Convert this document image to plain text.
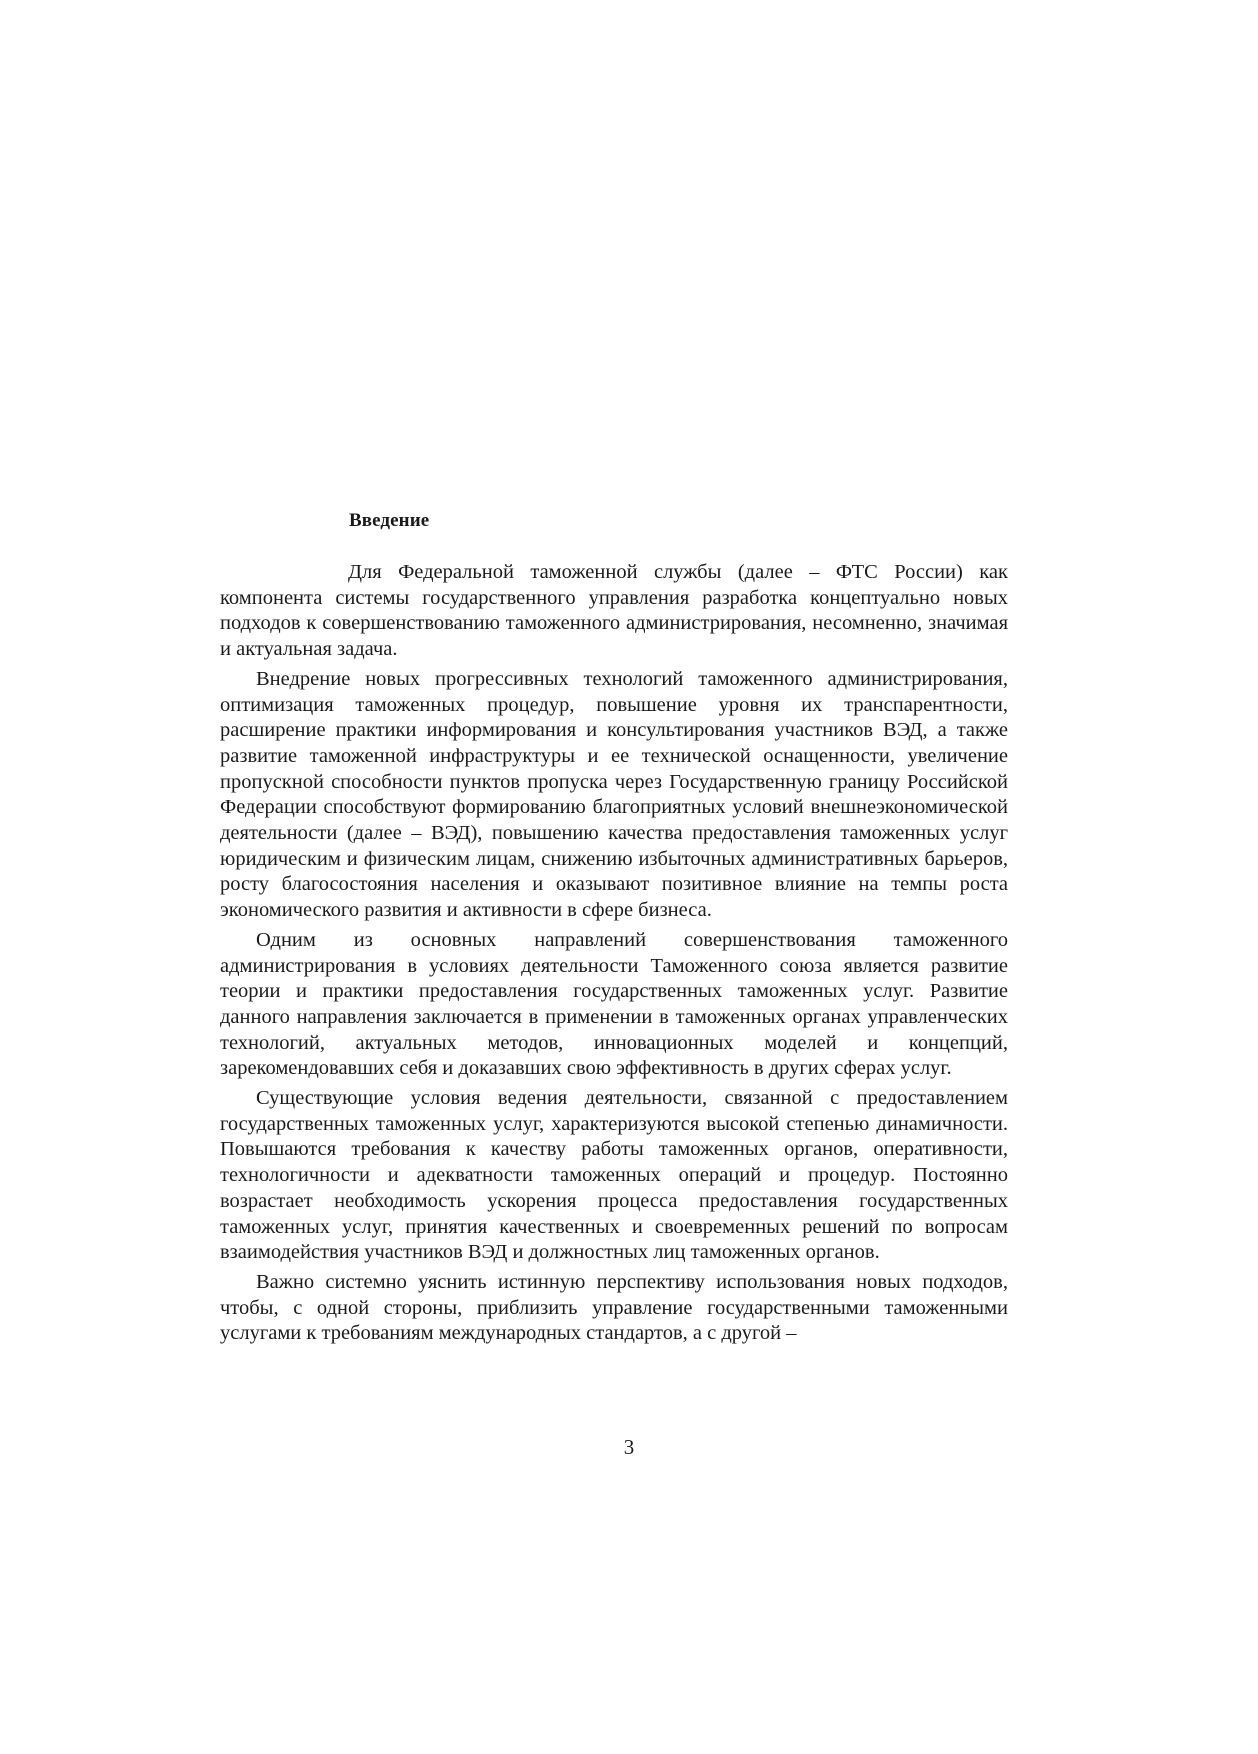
Введение

Для Федеральной таможенной службы (далее – ФТС России) как компонента системы государственного управления разработка концептуально новых подходов к совершенствованию таможенного администрирования, несомненно, значимая и актуальная задача.

Внедрение новых прогрессивных технологий таможенного администрирования, оптимизация таможенных процедур, повышение уровня их транспарентности, расширение практики информирования и консультирования участников ВЭД, а также развитие таможенной инфраструктуры и ее технической оснащенности, увеличение пропускной способности пунктов пропуска через Государственную границу Российской Федерации способствуют формированию благоприятных условий внешнеэкономической деятельности (далее – ВЭД), повышению качества предоставления таможенных услуг юридическим и физическим лицам, снижению избыточных административных барьеров, росту благосостояния населения и оказывают позитивное влияние на темпы роста экономического развития и активности в сфере бизнеса.

Одним из основных направлений совершенствования таможенного администрирования в условиях деятельности Таможенного союза является развитие теории и практики предоставления государственных таможенных услуг. Развитие данного направления заключается в применении в таможенных органах управленческих технологий, актуальных методов, инновационных моделей и концепций, зарекомендовавших себя и доказавших свою эффективность в других сферах услуг.

Существующие условия ведения деятельности, связанной с предоставлением государственных таможенных услуг, характеризуются высокой степенью динамичности. Повышаются требования к качеству работы таможенных органов, оперативности, технологичности и адекватности таможенных операций и процедур. Постоянно возрастает необходимость ускорения процесса предоставления государственных таможенных услуг, принятия качественных и своевременных решений по вопросам взаимодействия участников ВЭД и должностных лиц таможенных органов.

Важно системно уяснить истинную перспективу использования новых подходов, чтобы, с одной стороны, приблизить управление государственными таможенными услугами к требованиям международных стандартов, а с другой –

3
